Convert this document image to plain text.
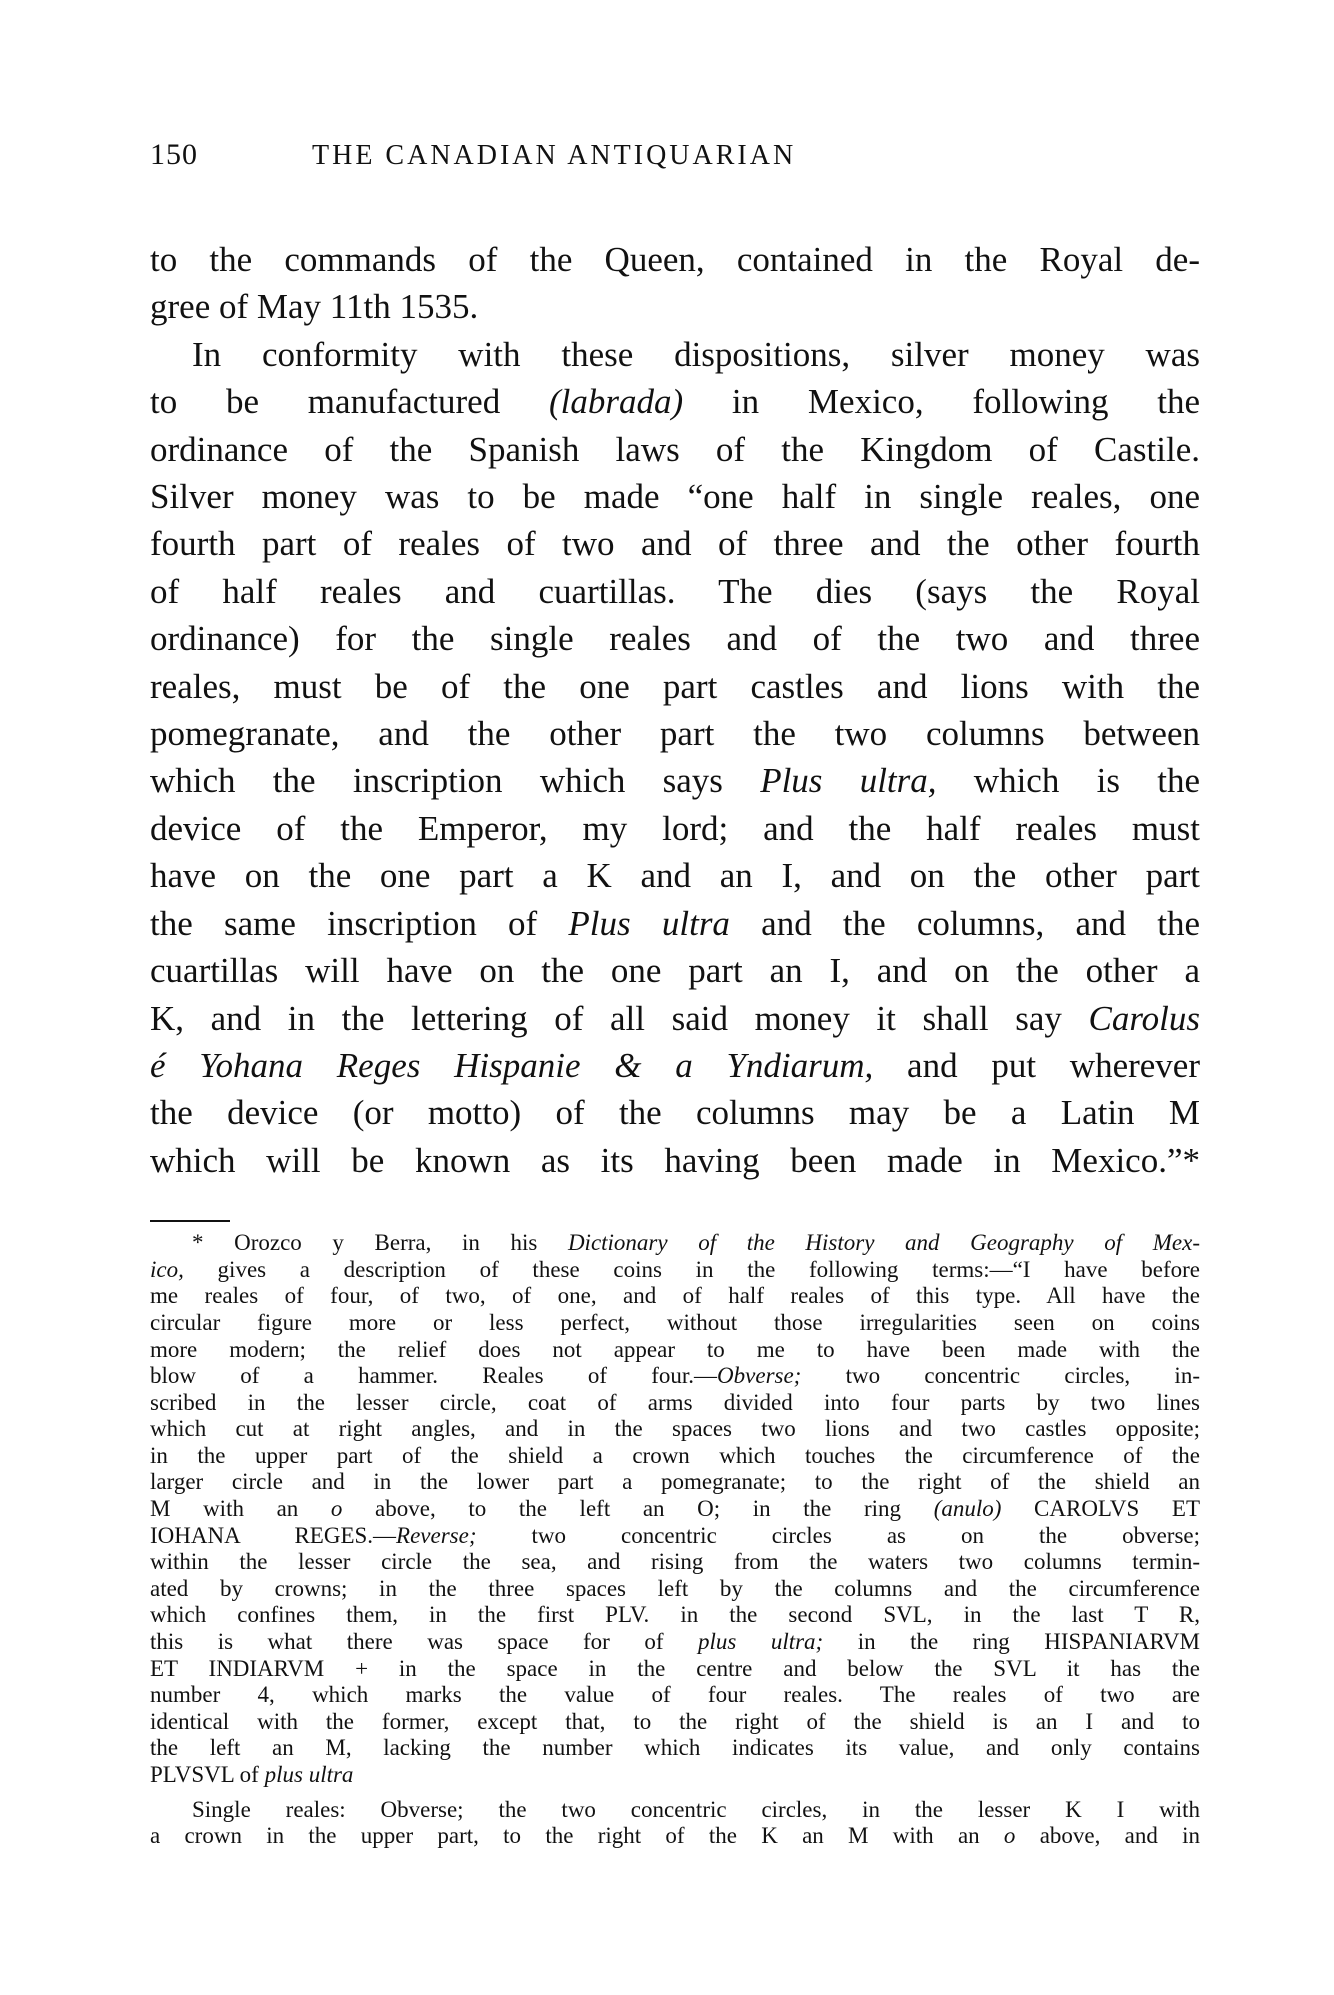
150	THE CANADIAN ANTIQUARIAN
to the commands of the Queen, contained in the Royal de-
gree of May 11th 1535.
In conformity with these dispositions, silver money was
to be manufactured (labrada) in Mexico, following the
ordinance of the Spanish laws of the Kingdom of Castile.
Silver money was to be made “one half in single reales, one
fourth part of reales of two and of three and the other fourth
of half reales and cuartillas. The dies (says the Royal
ordinance) for the single reales and of the two and three
reales, must be of the one part castles and lions with the
pomegranate, and the other part the two columns between
which the inscription which says Plus ultra, which is the
device of the Emperor, my lord; and the half reales must
have on the one part a K and an I, and on the other part
the same inscription of Plus ultra and the columns, and the
cuartillas will have on the one part an I, and on the other a
K, and in the lettering of all said money it shall say Carolus
é Yohana Reges Hispanie & a Yndiarum, and put wherever
the device (or motto) of the columns may be a Latin M
which will be known as its having been made in Mexico.”*
* Orozco y Berra, in his Dictionary of the History and Geography of Mex-
ico, gives a description of these coins in the following terms:—“I have before
me reales of four, of two, of one, and of half reales of this type. All have the
circular figure more or less perfect, without those irregularities seen on coins
more modern; the relief does not appear to me to have been made with the
blow of a hammer. Reales of four.—Obverse; two concentric circles, in-
scribed in the lesser circle, coat of arms divided into four parts by two lines
which cut at right angles, and in the spaces two lions and two castles opposite;
in the upper part of the shield a crown which touches the circumference of the
larger circle and in the lower part a pomegranate; to the right of the shield an
M with an o above, to the left an O; in the ring (anulo) CAROLVS ET
IOHANA REGES.—Reverse; two concentric circles as on the obverse;
within the lesser circle the sea, and rising from the waters two columns termin-
ated by crowns; in the three spaces left by the columns and the circumference
which confines them, in the first PLV. in the second SVL, in the last T R,
this is what there was space for of plus ultra; in the ring HISPANIARVM
ET INDIARVM + in the space in the centre and below the SVL it has the
number 4, which marks the value of four reales. The reales of two are
identical with the former, except that, to the right of the shield is an I and to
the left an M, lacking the number which indicates its value, and only contains
PLVSVL of plus ultra
Single reales: Obverse; the two concentric circles, in the lesser K I with
a crown in the upper part, to the right of the K an M with an o above, and in
